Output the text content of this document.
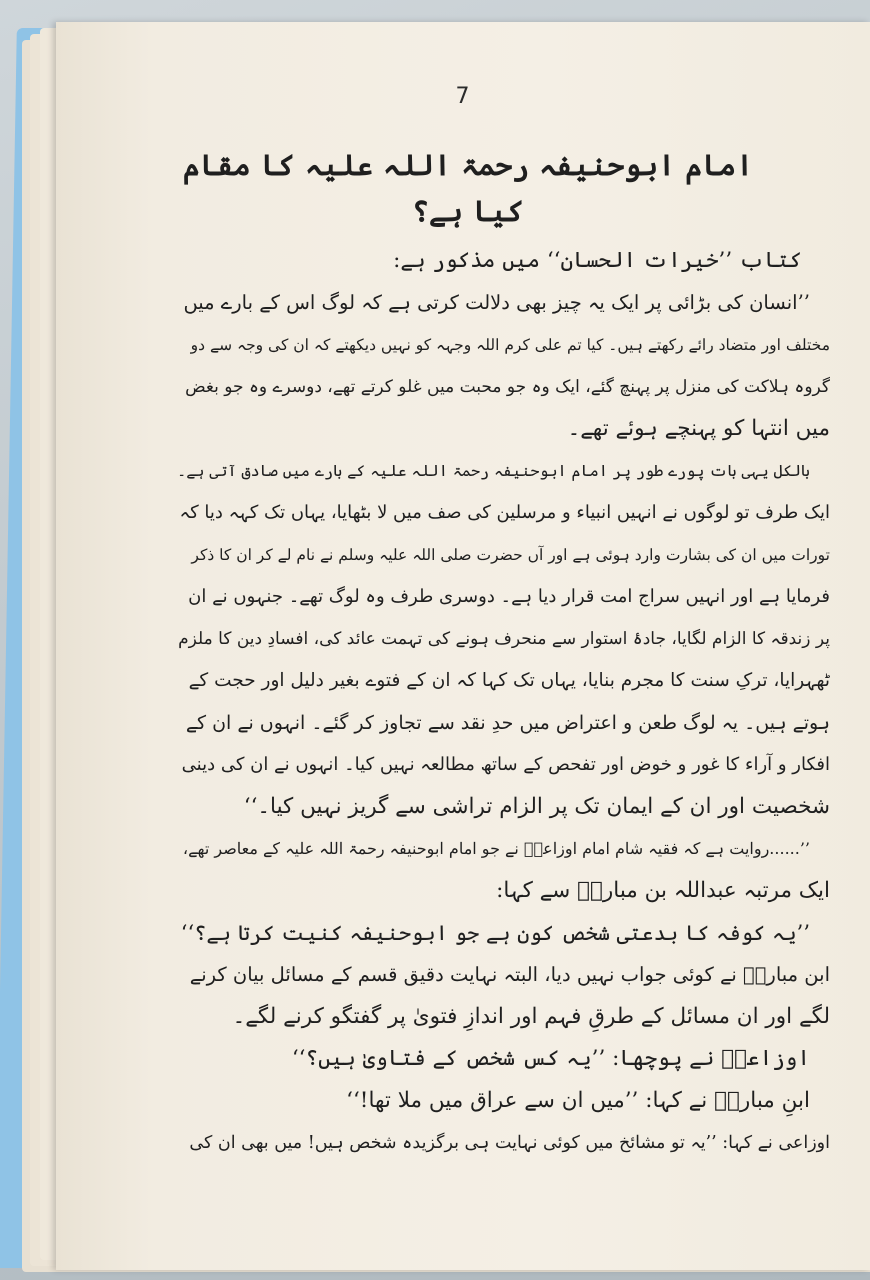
7
امام ابوحنیفہ رحمۃ اللہ علیہ کا مقام کیا ہے؟
کتاب ’’خیرات الحسان‘‘ میں مذکور ہے:
’’انسان کی بڑائی پر ایک یہ چیز بھی دلالت کرتی ہے کہ لوگ اس کے بارے میں
مختلف اور متضاد رائے رکھتے ہیں۔ کیا تم علی کرم اللہ وجہہ کو نہیں دیکھتے کہ ان کی وجہ سے دو
گروہ ہلاکت کی منزل پر پہنچ گئے، ایک وہ جو محبت میں غلو کرتے تھے، دوسرے وہ جو بغض
میں انتہا کو پہنچے ہوئے تھے۔
بالکل یہی بات پورے طور پر امام ابوحنیفہ رحمۃ اللہ علیہ کے بارے میں صادق آتی ہے۔
ایک طرف تو لوگوں نے انہیں انبیاء و مرسلین کی صف میں لا بٹھایا، یہاں تک کہہ دیا کہ
تورات میں ان کی بشارت وارد ہوئی ہے اور آں حضرت صلی اللہ علیہ وسلم نے نام لے کر ان کا ذکر
فرمایا ہے اور انہیں سراج امت قرار دیا ہے۔ دوسری طرف وہ لوگ تھے۔ جنہوں نے ان
پر زندقہ کا الزام لگایا، جادۂ استوار سے منحرف ہونے کی تہمت عائد کی، افسادِ دین کا ملزم
ٹھہرایا، ترکِ سنت کا مجرم بنایا، یہاں تک کہا کہ ان کے فتوے بغیر دلیل اور حجت کے
ہوتے ہیں۔ یہ لوگ طعن و اعتراض میں حدِ نقد سے تجاوز کر گئے۔ انہوں نے ان کے
افکار و آراء کا غور و خوض اور تفحص کے ساتھ مطالعہ نہیں کیا۔ انہوں نے ان کی دینی
شخصیت اور ان کے ایمان تک پر الزام تراشی سے گریز نہیں کیا۔‘‘
’’......روایت ہے کہ فقیہ شام امام اوزاعیؒ نے جو امام ابوحنیفہ رحمۃ اللہ علیہ کے معاصر تھے،
ایک مرتبہ عبداللہ بن مبارکؒ سے کہا:
’’یہ کوفہ کا بدعتی شخص کون ہے جو ابوحنیفہ کنیت کرتا ہے؟‘‘
ابن مبارکؒ نے کوئی جواب نہیں دیا، البتہ نہایت دقیق قسم کے مسائل بیان کرنے
لگے اور ان مسائل کے طرقِ فہم اور اندازِ فتویٰ پر گفتگو کرنے لگے۔
اوزاعیؒ نے پوچھا: ’’یہ کس شخص کے فتاویٰ ہیں؟‘‘
ابنِ مبارکؒ نے کہا: ’’میں ان سے عراق میں ملا تھا!‘‘
اوزاعی نے کہا: ’’یہ تو مشائخ میں کوئی نہایت ہی برگزیدہ شخص ہیں! میں بھی ان کی
